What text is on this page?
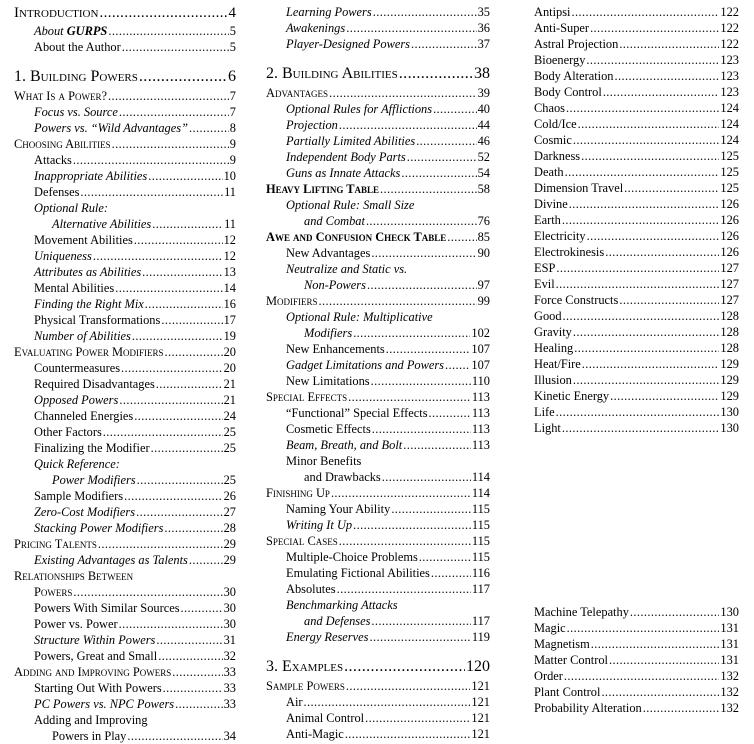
Introduction .....	4
About GURPS .....	5
About the Author .....	5
1. Building Powers .....	6
What Is a Power? .....	7
Focus vs. Source .....	7
Powers vs. “Wild Advantages” .....	8
Choosing Abilities .....	9
Attacks .....	9
Inappropriate Abilities .....	10
Defenses .....	11
Optional Rule:
Alternative Abilities .....	11
Movement Abilities .....	12
Uniqueness .....	12
Attributes as Abilities .....	13
Mental Abilities .....	14
Finding the Right Mix .....	16
Physical Transformations .....	17
Number of Abilities .....	19
Evaluating Power Modifiers .....	20
Countermeasures .....	20
Required Disadvantages .....	21
Opposed Powers .....	21
Channeled Energies .....	24
Other Factors .....	25
Finalizing the Modifier .....	25
Quick Reference:
Power Modifiers .....	25
Sample Modifiers .....	26
Zero-Cost Modifiers .....	27
Stacking Power Modifiers .....	28
Pricing Talents .....	29
Existing Advantages as Talents .....	29
Relationships Between
Powers .....	30
Powers With Similar Sources .....	30
Power vs. Power .....	30
Structure Within Powers .....	31
Powers, Great and Small .....	32
Adding and Improving Powers .....	33
Starting Out With Powers .....	33
PC Powers vs. NPC Powers .....	33
Adding and Improving
Powers in Play .....	34
Learning Powers .....	35
Awakenings .....	36
Player-Designed Powers .....	37
2. Building Abilities .....	38
Advantages .....	39
Optional Rules for Afflictions .....	40
Projection .....	44
Partially Limited Abilities .....	46
Independent Body Parts .....	52
Guns as Innate Attacks .....	54
Heavy Lifting Table .....	58
Optional Rule: Small Size
and Combat .....	76
Awe and Confusion Check Table .....	85
New Advantages .....	90
Neutralize and Static vs.
Non-Powers .....	97
Modifiers .....	99
Optional Rule: Multiplicative
Modifiers .....	102
New Enhancements .....	107
Gadget Limitations and Powers ..... 107
New Limitations .....	110
Special Effects .....	113
“Functional” Special Effects .....	113
Cosmetic Effects .....	113
Beam, Breath, and Bolt .....	113
Minor Benefits
and Drawbacks .....	114
Finishing Up .....	114
Naming Your Ability .....	115
Writing It Up .....	115
Special Cases .....	115
Multiple-Choice Problems .....	115
Emulating Fictional Abilities .....	116
Absolutes .....	117
Benchmarking Attacks
and Defenses .....	117
Energy Reserves .....	119
3. Examples .....	120
Sample Powers .....	121
Air .....	121
Animal Control .....	121
Anti-Magic .....	121
Antipsi .....	122
Anti-Super .....	122
Astral Projection .....	122
Bioenergy .....	123
Body Alteration .....	123
Body Control .....	123
Chaos .....	124
Cold/Ice .....	124
Cosmic .....	124
Darkness .....	125
Death .....	125
Dimension Travel .....	125
Divine .....	126
Earth .....	126
Electricity .....	126
Electrokinesis .....	126
ESP .....	127
Evil .....	127
Force Constructs .....	127
Good .....	128
Gravity .....	128
Healing .....	128
Heat/Fire .....	129
Illusion .....	129
Kinetic Energy .....	129
Life .....	130
Light .....	130
Machine Telepathy .....	130
Magic .....	131
Magnetism .....	131
Matter Control .....	131
Order .....	132
Plant Control .....	132
Probability Alteration .....	132
